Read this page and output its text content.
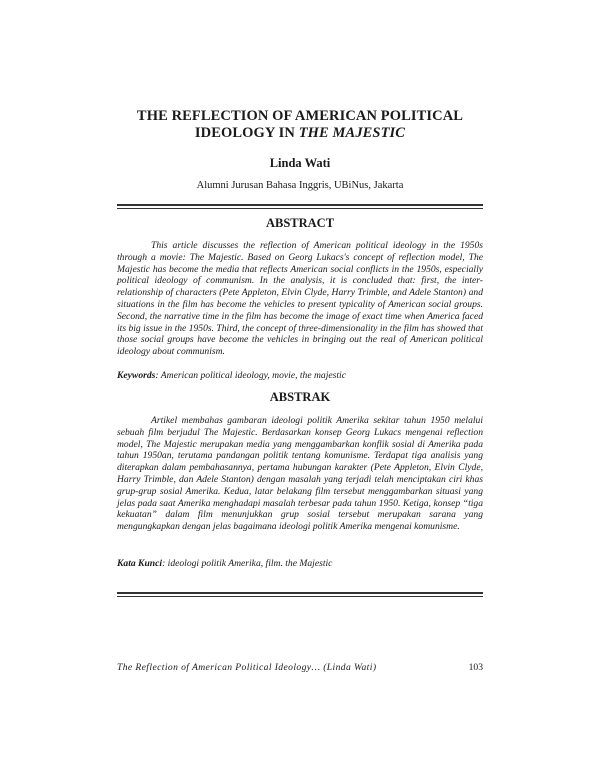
THE REFLECTION OF AMERICAN POLITICAL
IDEOLOGY IN THE MAJESTIC
Linda Wati
Alumni Jurusan Bahasa Inggris, UBiNus, Jakarta
ABSTRACT
This article discusses the reflection of American political ideology in the 1950s through a movie: The Majestic. Based on Georg Lukacs's concept of reflection model, The Majestic has become the media that reflects American social conflicts in the 1950s, especially political ideology of communism. In the analysis, it is concluded that: first, the inter-relationship of characters (Pete Appleton, Elvin Clyde, Harry Trimble, and Adele Stanton) and situations in the film has become the vehicles to present typicality of American social groups. Second, the narrative time in the film has become the image of exact time when America faced its big issue in the 1950s. Third, the concept of three-dimensionality in the film has showed that those social groups have become the vehicles in bringing out the real of American political ideology about communism.
Keywords: American political ideology, movie, the majestic
ABSTRAK
Artikel membahas gambaran ideologi politik Amerika sekitar tahun 1950 melalui sebuah film berjudul The Majestic. Berdasarkan konsep Georg Lukacs mengenai reflection model, The Majestic merupakan media yang menggambarkan konflik sosial di Amerika pada tahun 1950an, terutama pandangan politik tentang komunisme. Terdapat tiga analisis yang diterapkan dalam pembahasannya, pertama hubungan karakter (Pete Appleton, Elvin Clyde, Harry Trimble, dan Adele Stanton) dengan masalah yang terjadi telah menciptakan ciri khas grup-grup sosial Amerika. Kedua, latar belakang film tersebut menggambarkan situasi yang jelas pada saat Amerika menghadapi masalah terbesar pada tahun 1950. Ketiga, konsep “tiga kekuatan” dalam film menunjukkan grup sosial tersebut merupakan sarana yang mengungkapkan dengan jelas bagaimana ideologi politik Amerika mengenai komunisme.
Kata Kunci: ideologi politik Amerika, film. the Majestic
The Reflection of American Political Ideology… (Linda Wati)	103
